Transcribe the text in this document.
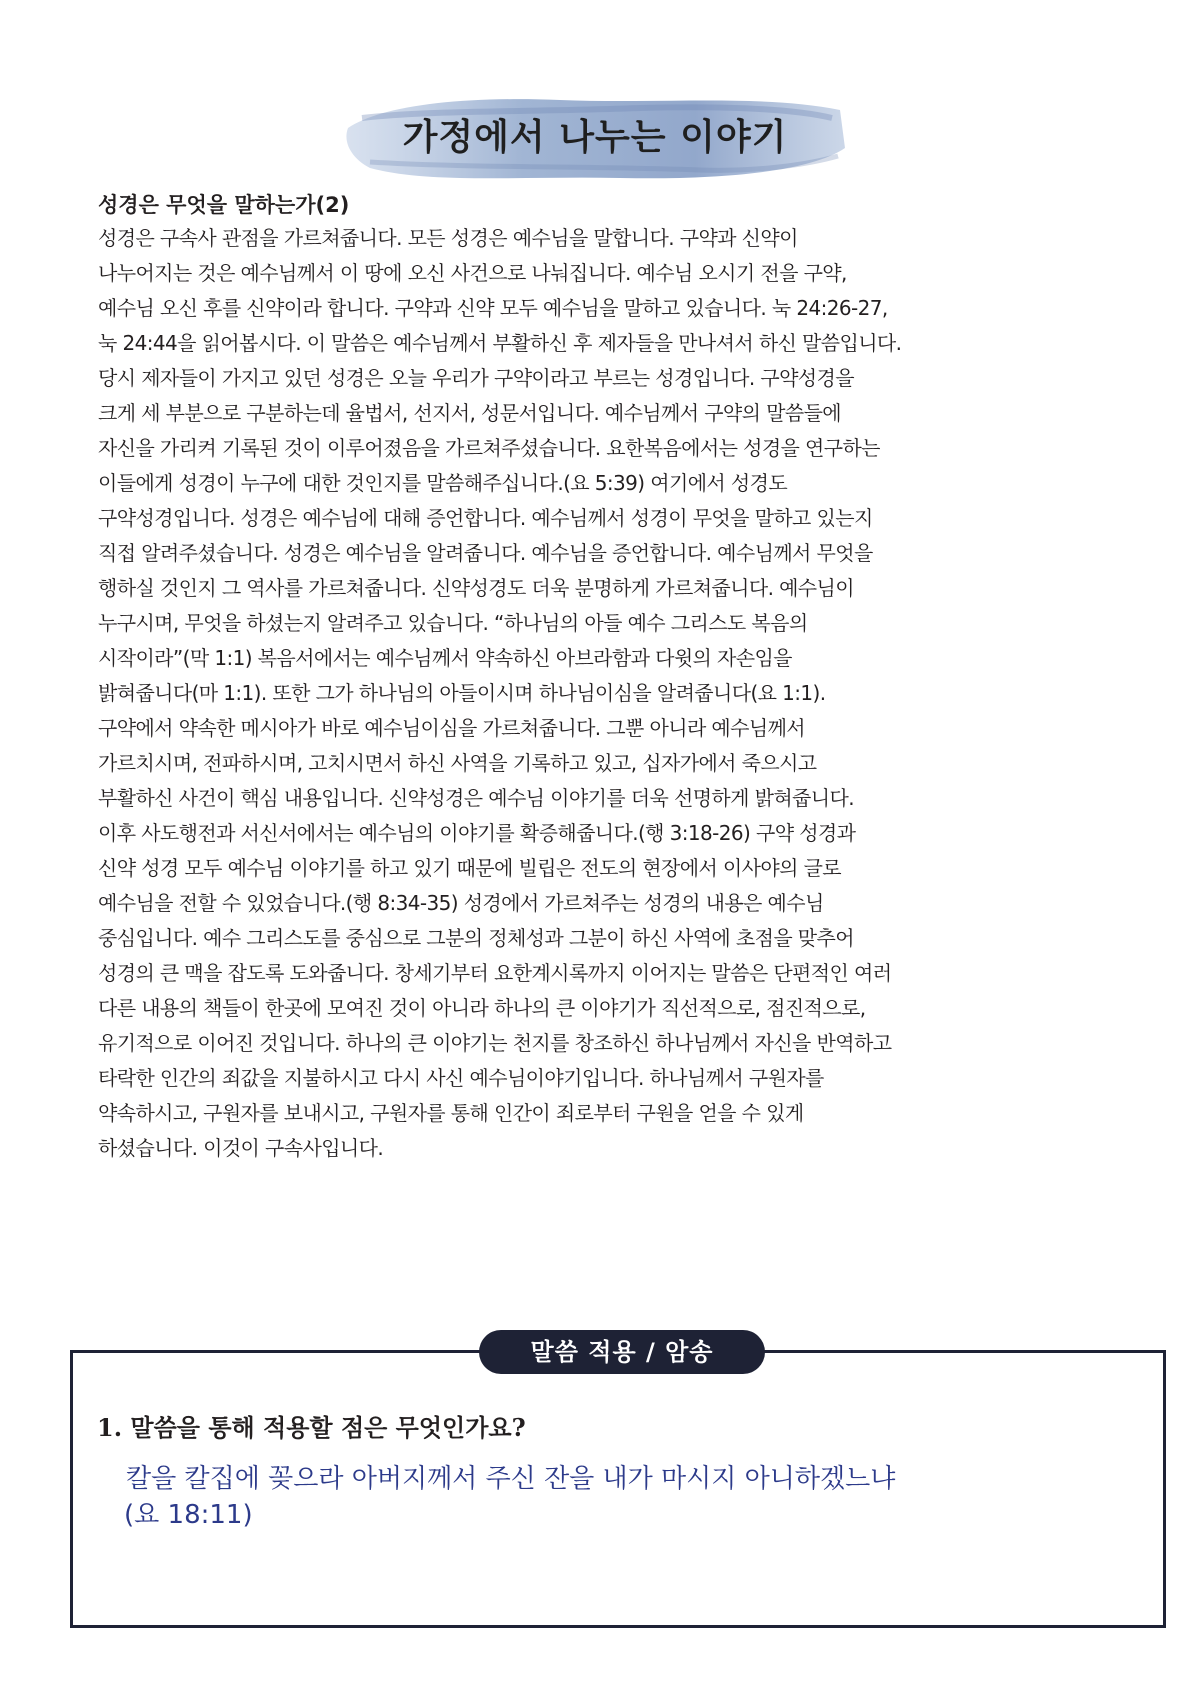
가정에서 나누는 이야기
성경은 무엇을 말하는가(2)
성경은 구속사 관점을 가르쳐줍니다. 모든 성경은 예수님을 말합니다. 구약과 신약이
나누어지는 것은 예수님께서 이 땅에 오신 사건으로 나눠집니다. 예수님 오시기 전을 구약,
예수님 오신 후를 신약이라 합니다. 구약과 신약 모두 예수님을 말하고 있습니다. 눅 24:26-27,
눅 24:44을 읽어봅시다. 이 말씀은 예수님께서 부활하신 후 제자들을 만나셔서 하신 말씀입니다.
당시 제자들이 가지고 있던 성경은 오늘 우리가 구약이라고 부르는 성경입니다. 구약성경을
크게 세 부분으로 구분하는데 율법서, 선지서, 성문서입니다. 예수님께서 구약의 말씀들에
자신을 가리켜 기록된 것이 이루어졌음을 가르쳐주셨습니다. 요한복음에서는 성경을 연구하는
이들에게 성경이 누구에 대한 것인지를 말씀해주십니다.(요 5:39) 여기에서 성경도
구약성경입니다. 성경은 예수님에 대해 증언합니다. 예수님께서 성경이 무엇을 말하고 있는지
직접 알려주셨습니다. 성경은 예수님을 알려줍니다. 예수님을 증언합니다. 예수님께서 무엇을
행하실 것인지 그 역사를 가르쳐줍니다. 신약성경도 더욱 분명하게 가르쳐줍니다. 예수님이
누구시며, 무엇을 하셨는지 알려주고 있습니다. “하나님의 아들 예수 그리스도 복음의
시작이라”(막 1:1) 복음서에서는 예수님께서 약속하신 아브라함과 다윗의 자손임을
밝혀줍니다(마 1:1). 또한 그가 하나님의 아들이시며 하나님이심을 알려줍니다(요 1:1).
구약에서 약속한 메시아가 바로 예수님이심을 가르쳐줍니다. 그뿐 아니라 예수님께서
가르치시며, 전파하시며, 고치시면서 하신 사역을 기록하고 있고, 십자가에서 죽으시고
부활하신 사건이 핵심 내용입니다. 신약성경은 예수님 이야기를 더욱 선명하게 밝혀줍니다.
이후 사도행전과 서신서에서는 예수님의 이야기를 확증해줍니다.(행 3:18-26) 구약 성경과
신약 성경 모두 예수님 이야기를 하고 있기 때문에 빌립은 전도의 현장에서 이사야의 글로
예수님을 전할 수 있었습니다.(행 8:34-35) 성경에서 가르쳐주는 성경의 내용은 예수님
중심입니다. 예수 그리스도를 중심으로 그분의 정체성과 그분이 하신 사역에 초점을 맞추어
성경의 큰 맥을 잡도록 도와줍니다. 창세기부터 요한계시록까지 이어지는 말씀은 단편적인 여러
다른 내용의 책들이 한곳에 모여진 것이 아니라 하나의 큰 이야기가 직선적으로, 점진적으로,
유기적으로 이어진 것입니다. 하나의 큰 이야기는 천지를 창조하신 하나님께서 자신을 반역하고
타락한 인간의 죄값을 지불하시고 다시 사신 예수님이야기입니다. 하나님께서 구원자를
약속하시고, 구원자를 보내시고, 구원자를 통해 인간이 죄로부터 구원을 얻을 수 있게
하셨습니다. 이것이 구속사입니다.
말씀 적용 / 암송
1. 말씀을 통해 적용할 점은 무엇인가요?
칼을 칼집에 꽂으라 아버지께서 주신 잔을 내가 마시지 아니하겠느냐
(요 18:11)
